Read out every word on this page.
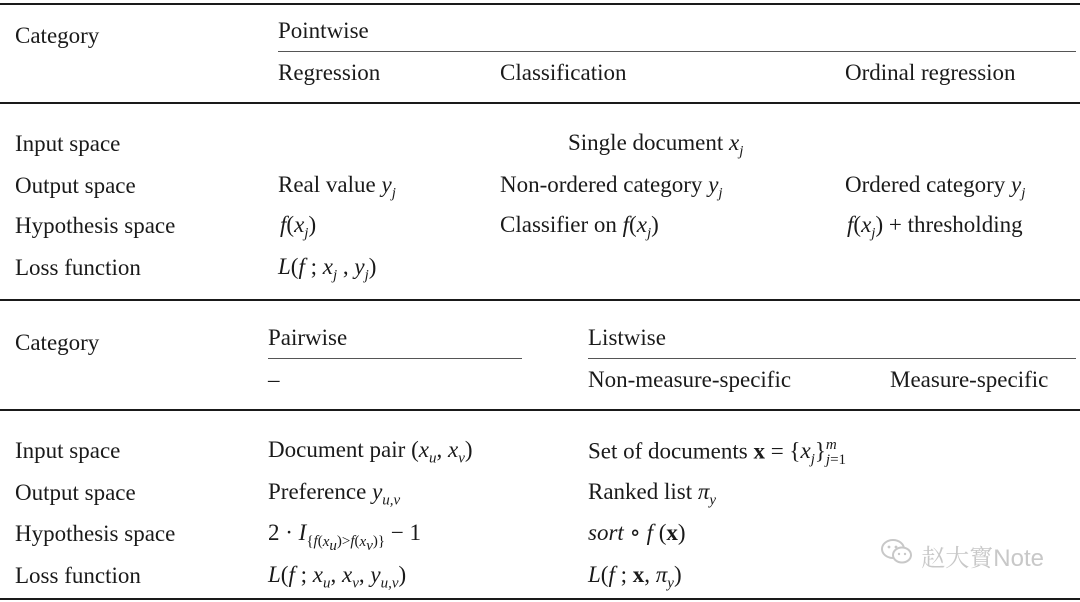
Category	Pointwise
Regression	Classification	Ordinal regression
Input space	Single document $x_j$
Output space	Real value $y_j$	Non-ordered category $y_j$	Ordered category $y_j$
Hypothesis space	$f(x_j)$	Classifier on $f(x_j)$	$f(x_j)$ + thresholding
Loss function	L(f ; $x_j$ , $y_j$)
Category	Pairwise	Listwise
–	Non-measure-specific	Measure-specific
Input space	Document pair ($x_u$, $x_v$)	Set of documents $x = \{x_j\}m$
j=1
Output space	Preference $y_{u,v}$	Ranked list $\pi_y$
Hypothesis space	$2 \cdot I_{\{f(x_u)>f(x_v)\}} - 1$	sort ∘ f (x)
Loss function	L(f ; $x_u$, $x_v$, $y_{u,v}$)	L(f ; x, $\pi_y$)
赵大寳Note
